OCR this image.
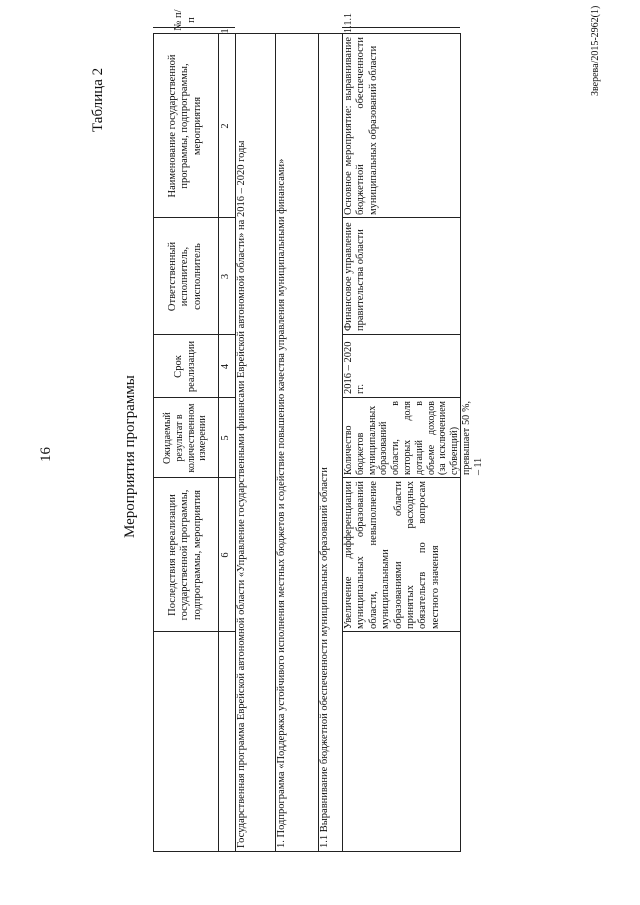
16
Таблица 2
Мероприятия программы
Зверева/2015-2962(1)
№ п/п
Наименование государственной программы, подпрограммы, мероприятия
Ответственный исполнитель, соисполнитель
Срок реализации
Ожидаемый результат в количественном измерении
Последствия нереализации государственной программы, подпрограммы, мероприятия
1
2
3
4
5
6 Государственная программа Еврейской автономной области «Управление государственными финансами Еврейской автономной области» на 2016 – 2020 годы	1. Подпрограмма «Поддержка устойчивого исполнения местных бюджетов и содействие повышению качества управления муниципальными финансами»	1.1 Выравнивание бюджетной обеспеченности муниципальных образований области
1.1.1
Основное мероприятие: выравнивание бюджетной обеспеченности муниципальных образований области
Финансовое управление правительства области
2016 – 2020 гг.
Количество бюджетов муниципальных образований области, в которых доля дотаций в объеме доходов (за исключением субвенций) превышает 50 %, – 11
Увеличение дифференциации муниципальных образований области, невыполнение муниципальными образованиями области принятых расходных обязательств по вопросам местного значения
